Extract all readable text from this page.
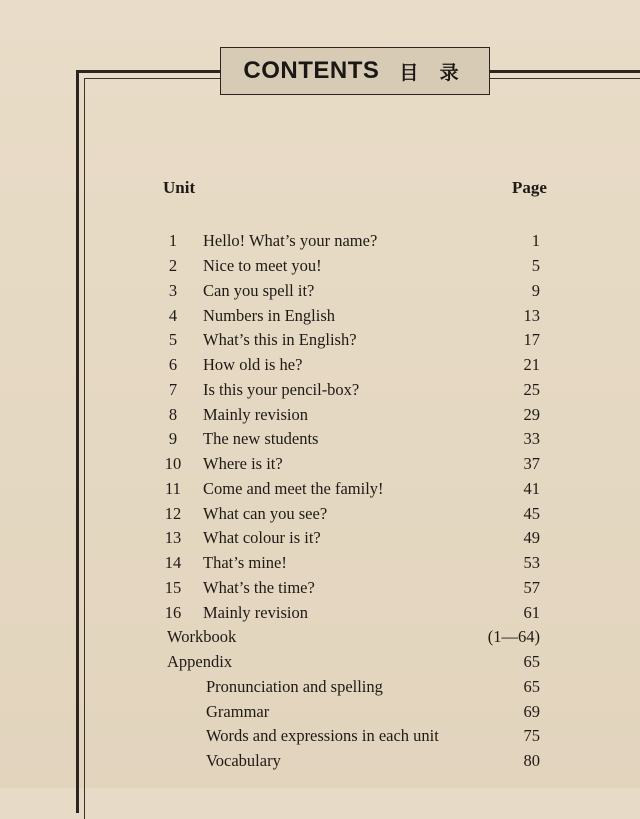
CONTENTS 目 录
Unit	Page
1	Hello! What’s your name?	1
2	Nice to meet you!	5
3	Can you spell it?	9
4	Numbers in English	13
5	What’s this in English?	17
6	How old is he?	21
7	Is this your pencil-box?	25
8	Mainly revision	29
9	The new students	33
10 Where is it?	37
11	Come and meet the family!	41
12 What can you see?	45
13 What colour is it?	49
14 That’s mine!	53
15 What’s the time?	57
16 Mainly revision	61
Workbook	(1—64)
Appendix	65
Pronunciation and spelling	65
Grammar	69
Words and expressions in each unit	75
Vocabulary	80
